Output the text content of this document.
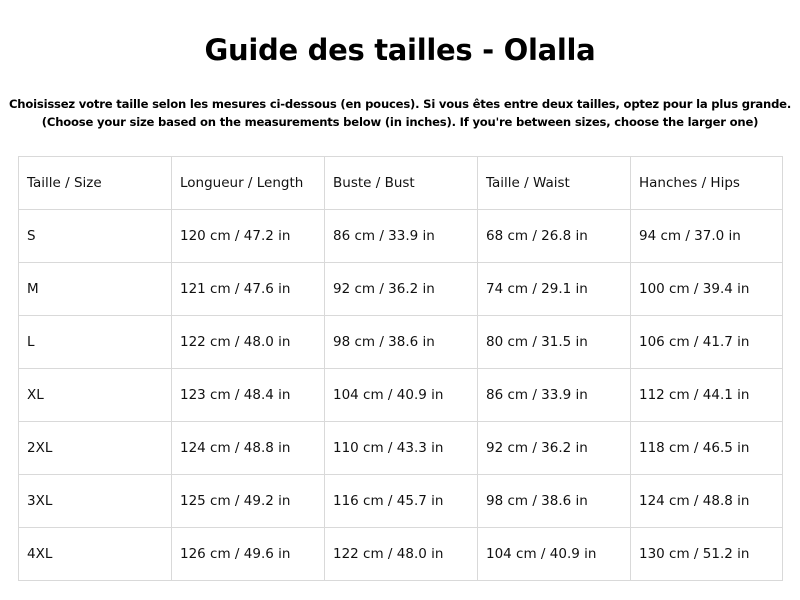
Guide des tailles - Olalla
Choisissez votre taille selon les mesures ci-dessous (en pouces). Si vous êtes entre deux tailles, optez pour la plus grande.
(Choose your size based on the measurements below (in inches). If you're between sizes, choose the larger one)
Taille / Size	Longueur / Length	Buste / Bust	Taille / Waist	Hanches / Hips
S	120 cm / 47.2 in	86 cm / 33.9 in	68 cm / 26.8 in	94 cm / 37.0 in
M	121 cm / 47.6 in	92 cm / 36.2 in	74 cm / 29.1 in	100 cm / 39.4 in
L	122 cm / 48.0 in	98 cm / 38.6 in	80 cm / 31.5 in	106 cm / 41.7 in
XL	123 cm / 48.4 in	104 cm / 40.9 in	86 cm / 33.9 in	112 cm / 44.1 in
2XL	124 cm / 48.8 in	110 cm / 43.3 in	92 cm / 36.2 in	118 cm / 46.5 in
3XL	125 cm / 49.2 in	116 cm / 45.7 in	98 cm / 38.6 in	124 cm / 48.8 in
4XL	126 cm / 49.6 in	122 cm / 48.0 in	104 cm / 40.9 in	130 cm / 51.2 in
